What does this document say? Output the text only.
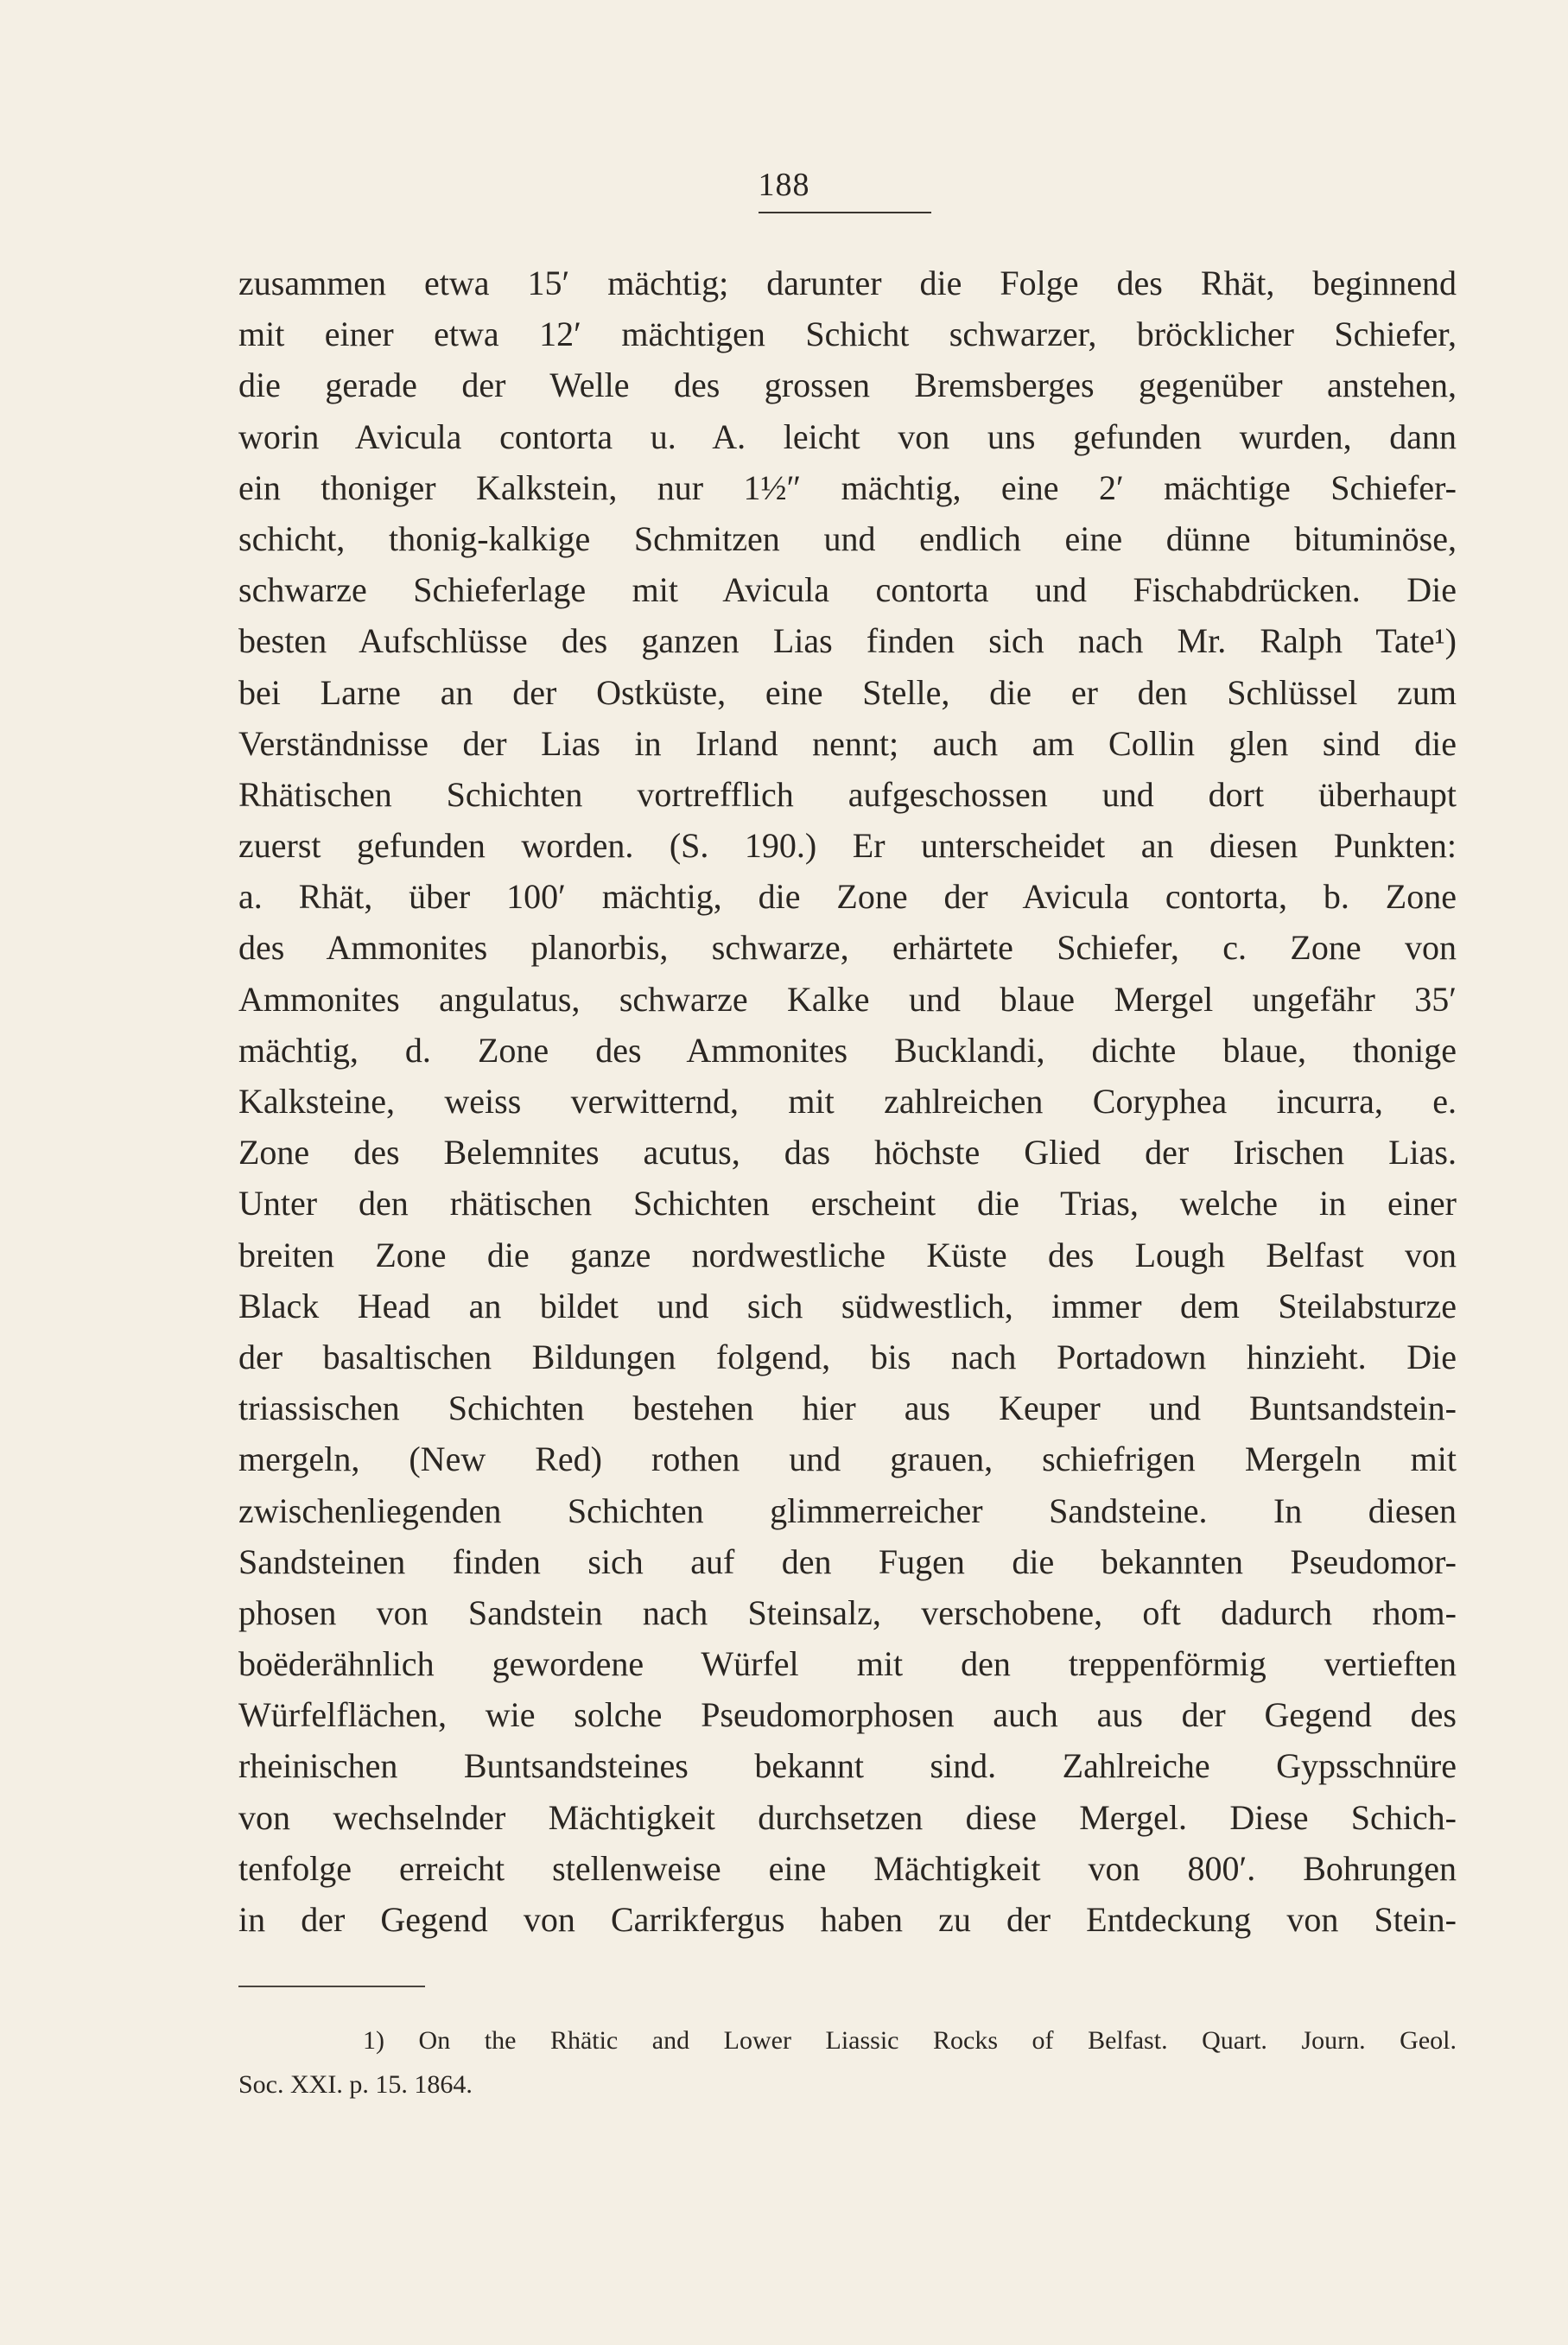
188
zusammen etwa 15′ mächtig; darunter die Folge des Rhät, beginnend
mit einer etwa 12′ mächtigen Schicht schwarzer, bröcklicher Schiefer,
die gerade der Welle des grossen Bremsberges gegenüber anstehen,
worin Avicula contorta u. A. leicht von uns gefunden wurden, dann
ein thoniger Kalkstein, nur 1½″ mächtig, eine 2′ mächtige Schiefer-
schicht, thonig-kalkige Schmitzen und endlich eine dünne bituminöse,
schwarze Schieferlage mit Avicula contorta und Fischabdrücken. Die
besten Aufschlüsse des ganzen Lias finden sich nach Mr. Ralph Tate¹)
bei Larne an der Ostküste, eine Stelle, die er den Schlüssel zum
Verständnisse der Lias in Irland nennt; auch am Collin glen sind die
Rhätischen Schichten vortrefflich aufgeschossen und dort überhaupt
zuerst gefunden worden. (S. 190.) Er unterscheidet an diesen Punkten:
a. Rhät, über 100′ mächtig, die Zone der Avicula contorta, b. Zone
des Ammonites planorbis, schwarze, erhärtete Schiefer, c. Zone von
Ammonites angulatus, schwarze Kalke und blaue Mergel ungefähr 35′
mächtig, d. Zone des Ammonites Bucklandi, dichte blaue, thonige
Kalksteine, weiss verwitternd, mit zahlreichen Coryphea incurra, e.
Zone des Belemnites acutus, das höchste Glied der Irischen Lias.
Unter den rhätischen Schichten erscheint die Trias, welche in einer
breiten Zone die ganze nordwestliche Küste des Lough Belfast von
Black Head an bildet und sich südwestlich, immer dem Steilabsturze
der basaltischen Bildungen folgend, bis nach Portadown hinzieht. Die
triassischen Schichten bestehen hier aus Keuper und Buntsandstein-
mergeln, (New Red) rothen und grauen, schiefrigen Mergeln mit
zwischenliegenden Schichten glimmerreicher Sandsteine. In diesen
Sandsteinen finden sich auf den Fugen die bekannten Pseudomor-
phosen von Sandstein nach Steinsalz, verschobene, oft dadurch rhom-
boëderähnlich gewordene Würfel mit den treppenförmig vertieften
Würfelflächen, wie solche Pseudomorphosen auch aus der Gegend des
rheinischen Buntsandsteines bekannt sind. Zahlreiche Gypsschnüre
von wechselnder Mächtigkeit durchsetzen diese Mergel. Diese Schich-
tenfolge erreicht stellenweise eine Mächtigkeit von 800′. Bohrungen
in der Gegend von Carrikfergus haben zu der Entdeckung von Stein-
1) On the Rhätic and Lower Liassic Rocks of Belfast. Quart. Journ. Geol.
Soc. XXI. p. 15. 1864.
